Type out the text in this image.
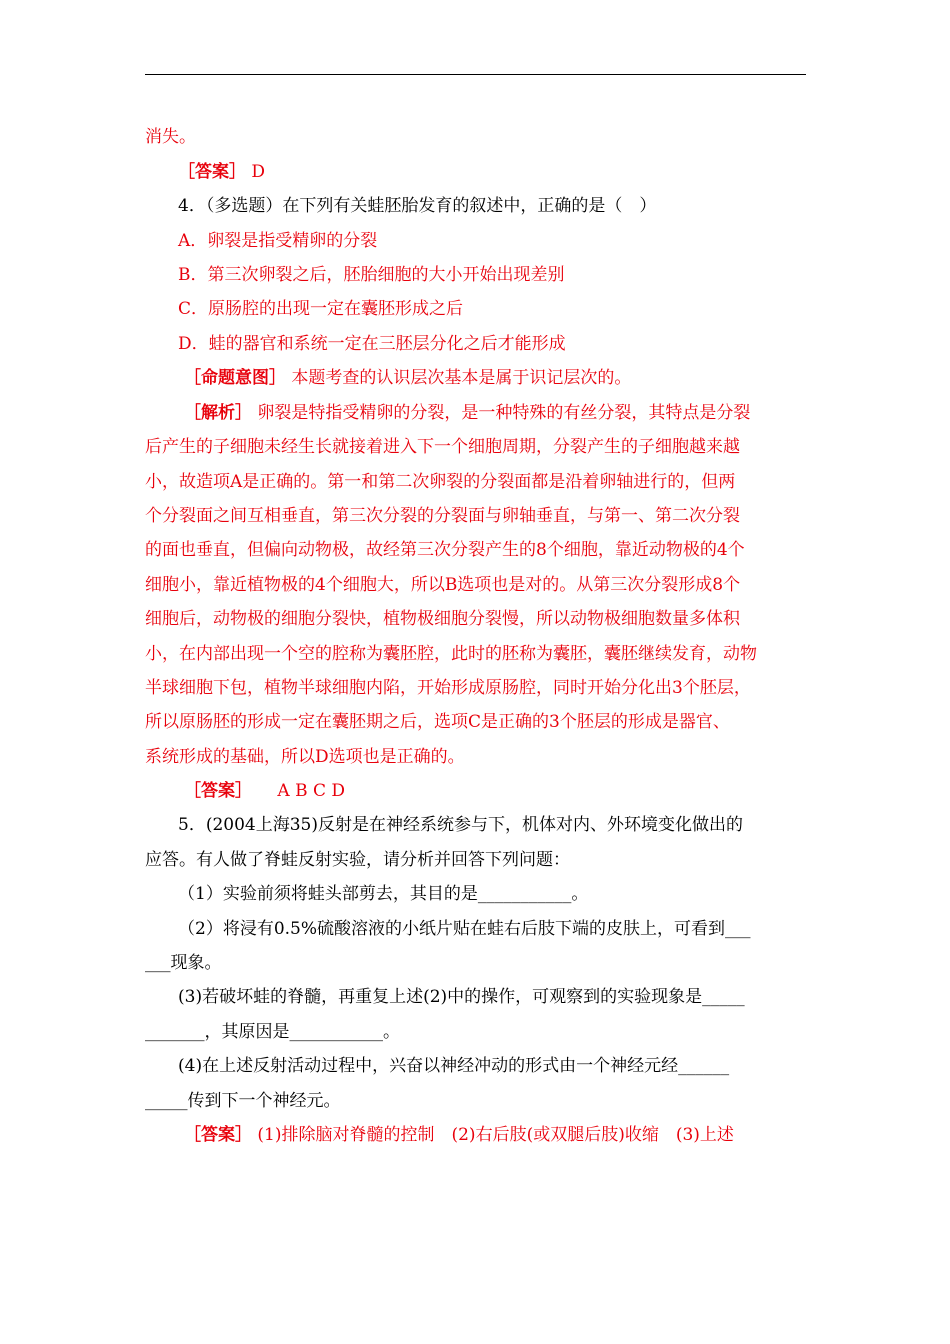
消失。
［答案］ D
4．（多选题）在下列有关蛙胚胎发育的叙述中，正确的是（　）
A．卵裂是指受精卵的分裂
B．第三次卵裂之后，胚胎细胞的大小开始出现差别
C．原肠腔的出现一定在囊胚形成之后
D．蛙的器官和系统一定在三胚层分化之后才能形成
［命题意图］ 本题考查的认识层次基本是属于识记层次的。
［解析］ 卵裂是特指受精卵的分裂，是一种特殊的有丝分裂，其特点是分裂
后产生的子细胞未经生长就接着进入下一个细胞周期，分裂产生的子细胞越来越
小，故造项A是正确的。第一和第二次卵裂的分裂面都是沿着卵轴进行的，但两
个分裂面之间互相垂直，第三次分裂的分裂面与卵轴垂直，与第一、第二次分裂
的面也垂直，但偏向动物极，故经第三次分裂产生的8个细胞，靠近动物极的4个
细胞小，靠近植物极的4个细胞大，所以B选项也是对的。从第三次分裂形成8个
细胞后，动物极的细胞分裂快，植物极细胞分裂慢，所以动物极细胞数量多体积
小，在内部出现一个空的腔称为囊胚腔，此时的胚称为囊胚，囊胚继续发育，动物
半球细胞下包，植物半球细胞内陷，开始形成原肠腔，同时开始分化出3个胚层，
所以原肠胚的形成一定在囊胚期之后，选项C是正确的3个胚层的形成是器官、
系统形成的基础，所以D选项也是正确的。
［答案］ A B C D
5．(2004上海35)反射是在神经系统参与下，机体对内、外环境变化做出的
应答。有人做了脊蛙反射实验，请分析并回答下列问题：
（1）实验前须将蛙头部剪去，其目的是___________。
（2）将浸有0.5%硫酸溶液的小纸片贴在蛙右后肢下端的皮肤上，可看到___
___现象。
(3)若破坏蛙的脊髓，再重复上述(2)中的操作，可观察到的实验现象是_____
_______，其原因是___________。
(4)在上述反射活动过程中，兴奋以神经冲动的形式由一个神经元经______
_____传到下一个神经元。
［答案］ (1)排除脑对脊髓的控制　(2)右后肢(或双腿后肢)收缩　(3)上述
